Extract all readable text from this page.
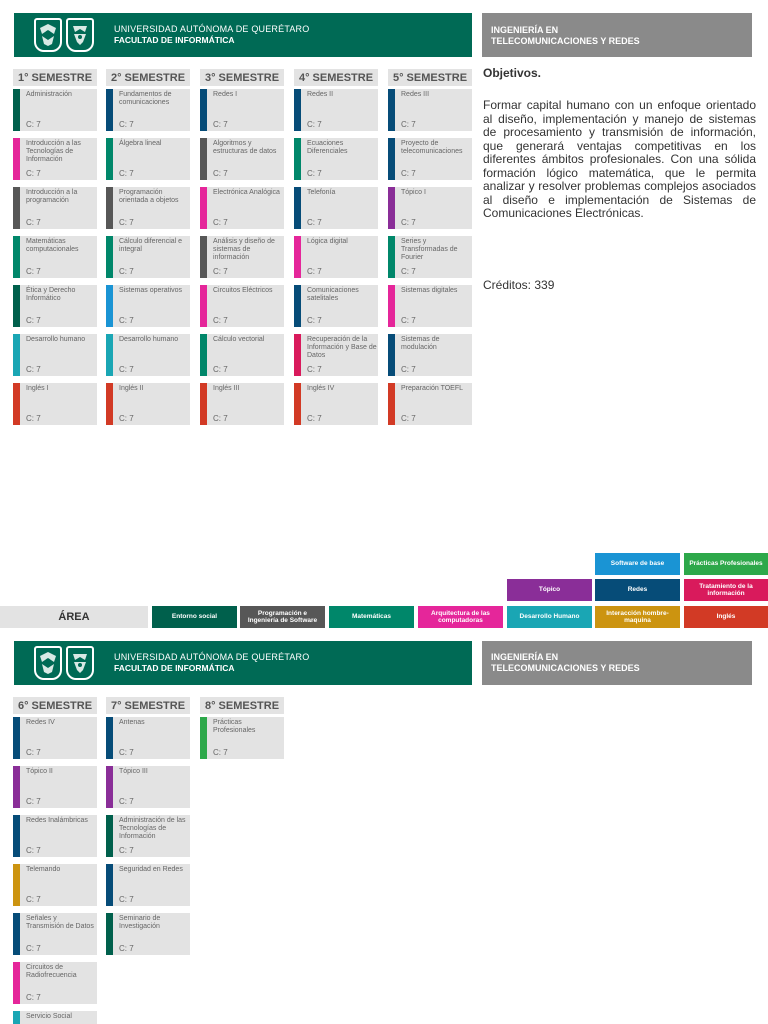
UNIVERSIDAD AUTÓNOMA DE QUERÉTARO
FACULTAD DE INFORMÁTICA
INGENIERÍA EN
TELECOMUNICACIONES Y REDES
1° SEMESTRE
Administración
C: 7
Introducción a las Tecnologías de Información
C: 7
Introducción a la programación
C: 7
Matemáticas computacionales
C: 7
Ética y Derecho Informático
C: 7
Desarrollo humano
C: 7
Inglés I
C: 7
2° SEMESTRE
Fundamentos de comunicaciones
C: 7
Álgebra lineal
C: 7
Programación orientada a objetos
C: 7
Cálculo diferencial e integral
C: 7
Sistemas operativos
C: 7
Desarrollo humano
C: 7
Inglés II
C: 7
3° SEMESTRE
Redes I
C: 7
Algoritmos y estructuras de datos
C: 7
Electrónica Analógica
C: 7
Análisis y diseño de sistemas de información
C: 7
Circuitos Eléctricos
C: 7
Cálculo vectorial
C: 7
Inglés III
C: 7
4° SEMESTRE
Redes II
C: 7
Ecuaciones Diferenciales
C: 7
Telefonía
C: 7
Lógica digital
C: 7
Comunicaciones satelitales
C: 7
Recuperación de la Información y Base de Datos
C: 7
Inglés IV
C: 7
5° SEMESTRE
Redes III
C: 7
Proyecto de telecomunicaciones
C: 7
Tópico I
C: 7
Series y Transformadas de Fourier
C: 7
Sistemas digitales
C: 7
Sistemas de modulación
C: 7
Preparación TOEFL
C: 7
Objetivos.
Formar capital humano con un enfoque orientado al diseño, implementación y manejo de sistemas de procesamiento y transmisión de información, que generará ventajas competitivas en los diferentes ámbitos profesionales. Con una sólida formación lógico matemática, que le permita analizar y resolver problemas complejos asociados al diseño e implementación de Sistemas de Comunicaciones Electrónicas.
Créditos: 339
ÁREA
Software de base	Prácticas Profesionales
Tópico	Redes
Tratamiento de la información
Entorno social
Programación e Ingeniería de Software
Matemáticas
Arquitectura de las computadoras
Desarrollo Humano
Interacción hombre-maquina
Inglés
UNIVERSIDAD AUTÓNOMA DE QUERÉTARO
FACULTAD DE INFORMÁTICA
INGENIERÍA EN
TELECOMUNICACIONES Y REDES
6° SEMESTRE
Redes IV
C: 7
Tópico II
C: 7
Redes Inalámbricas
C: 7
Telemando
C: 7
Señales y Transmisión de Datos
C: 7
Circuitos de Radiofrecuencia
C: 7
Servicio Social
7° SEMESTRE
Antenas
C: 7
Tópico III
C: 7
Administración de las Tecnologías de Información
C: 7
Seguridad en Redes
C: 7
Seminario de Investigación
C: 7
8° SEMESTRE
Prácticas Profesionales
C: 7
